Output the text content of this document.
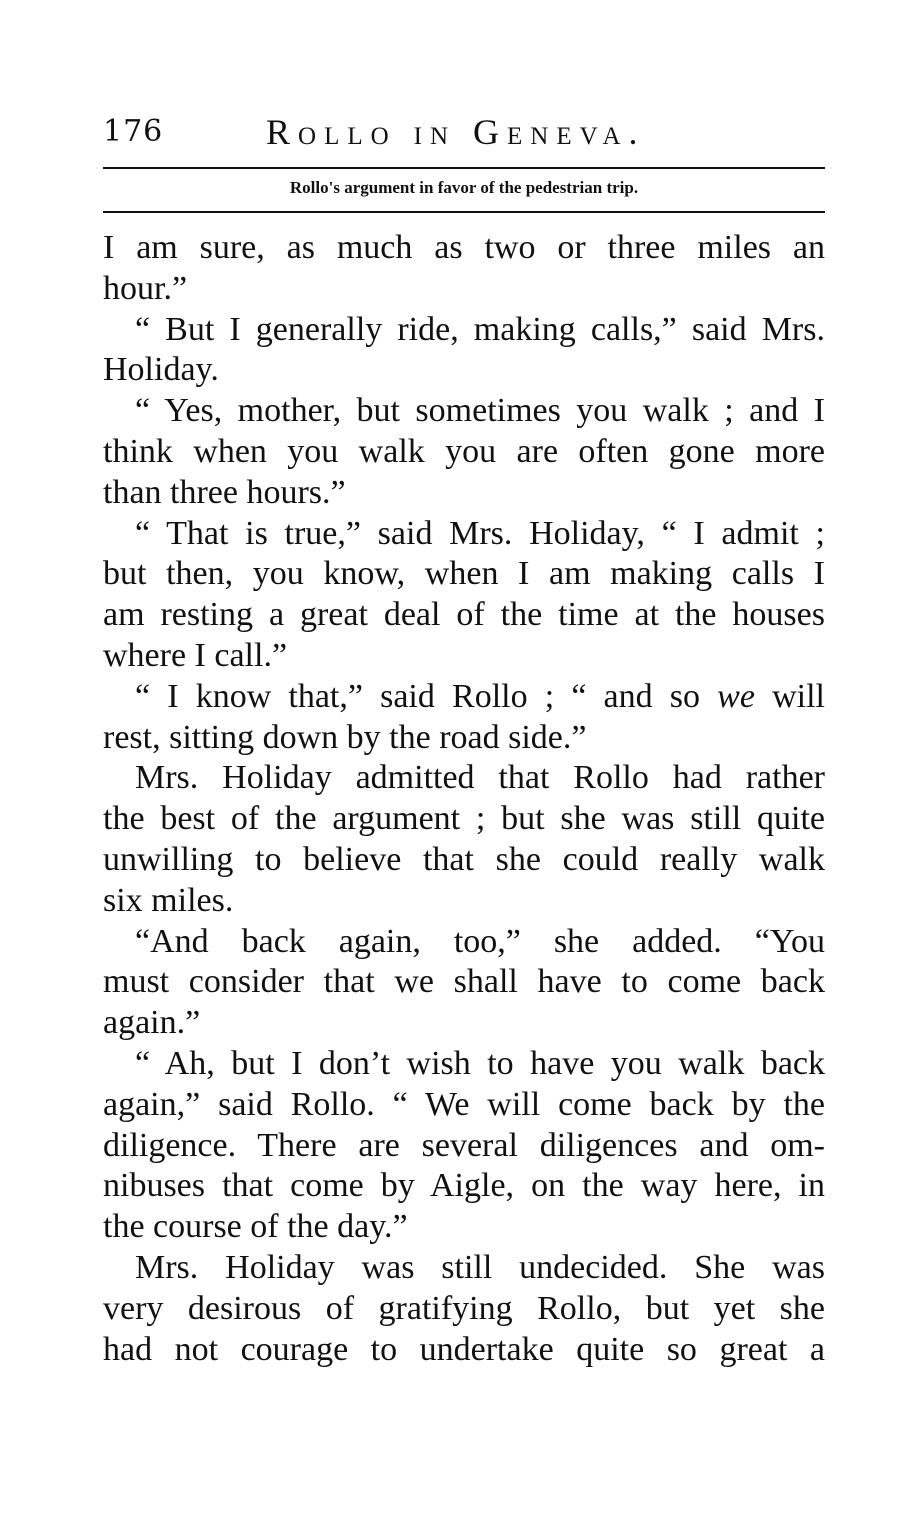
176	Rollo in Geneva.
Rollo's argument in favor of the pedestrian trip.
I am sure, as much as two or three miles an
hour.”
“ But I generally ride, making calls,” said Mrs.
Holiday.
“ Yes, mother, but sometimes you walk ; and I
think when you walk you are often gone more
than three hours.”
“ That is true,” said Mrs. Holiday, “ I admit ;
but then, you know, when I am making calls I
am resting a great deal of the time at the houses
where I call.”
“ I know that,” said Rollo ; “ and so we will
rest, sitting down by the road side.”
Mrs. Holiday admitted that Rollo had rather
the best of the argument ; but she was still quite
unwilling to believe that she could really walk
six miles.
“And back again, too,” she added. “You
must consider that we shall have to come back
again.”
“ Ah, but I don’t wish to have you walk back
again,” said Rollo. “ We will come back by the
diligence. There are several diligences and om-
nibuses that come by Aigle, on the way here, in
the course of the day.”
Mrs. Holiday was still undecided. She was
very desirous of gratifying Rollo, but yet she
had not courage to undertake quite so great a
